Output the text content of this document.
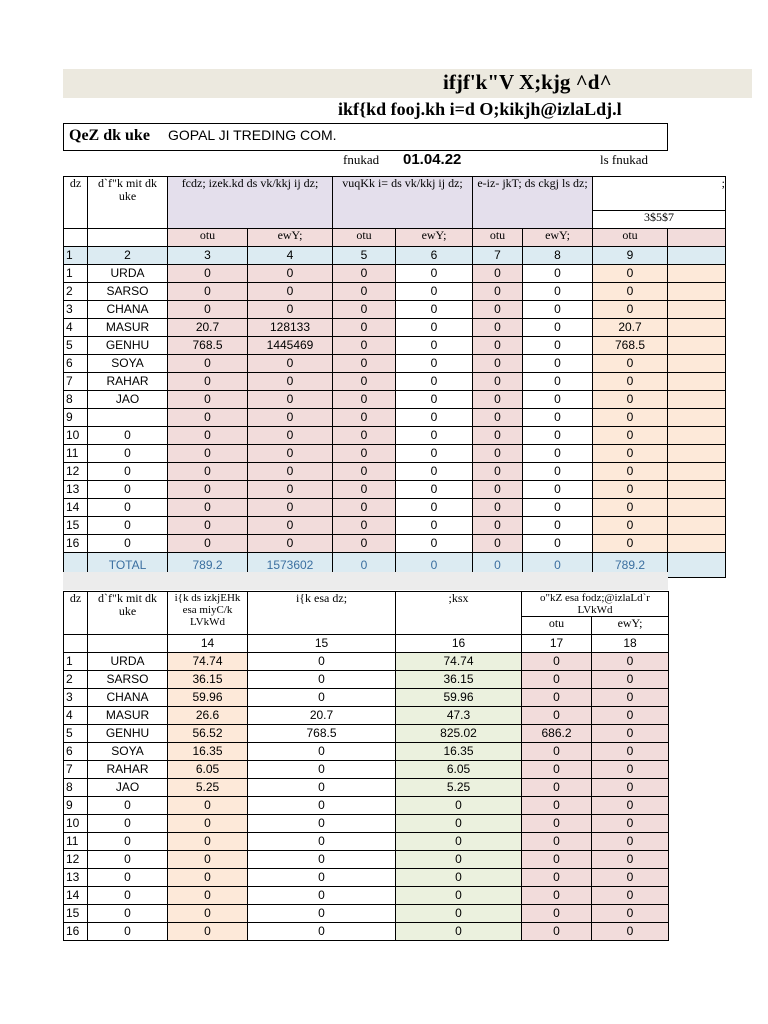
ifjf'k"V X;kjg ^d^
ikf{kd fooj.kh i=d O;kikjh@izlaLdj.l
QeZ dk uke GOPAL JI TREDING COM.
fnukad 01.04.22	ls fnukad
dz	d`f"k mit dk uke	fcdz; izek.kd ds vk/kkj ij dz;		vuqKk i= ds vk/kkj ij dz;		e-iz- jkT; ds ckgj ls dz;		;	
								3$5$7	
		otu	ewY;	otu	ewY;	otu	ewY;	otu	
1	2	3	4	5	6	7	8	9	
1	URDA	0	0	0	0	0	0	0	
2	SARSO	0	0	0	0	0	0	0	
3	CHANA	0	0	0	0	0	0	0	
4	MASUR	20.7	128133	0	0	0	0	20.7	
5	GENHU	768.5	1445469	0	0	0	0	768.5	
6	SOYA	0	0	0	0	0	0	0	
7	RAHAR	0	0	0	0	0	0	0	
8	JAO	0	0	0	0	0	0	0	
9		0	0	0	0	0	0	0	
10	0	0	0	0	0	0	0	0	
11	0	0	0	0	0	0	0	0	
12	0	0	0	0	0	0	0	0	
13	0	0	0	0	0	0	0	0	
14	0	0	0	0	0	0	0	0	
15	0	0	0	0	0	0	0	0	
16	0	0	0	0	0	0	0	0	
	TOTAL	789.2	1573602	0	0	0	0	789.2	
dz	d`f"k mit dk uke	i{k ds izkjEHk esa miyC/k LVkWd	i{k esa dz;	;ksx	o"kZ esa fodz;@izlaLd`r LVkWd	
					otu	ewY;
		14	15	16	17	18
1	URDA	74.74	0	74.74	0	0
2	SARSO	36.15	0	36.15	0	0
3	CHANA	59.96	0	59.96	0	0
4	MASUR	26.6	20.7	47.3	0	0
5	GENHU	56.52	768.5	825.02	686.2	0
6	SOYA	16.35	0	16.35	0	0
7	RAHAR	6.05	0	6.05	0	0
8	JAO	5.25	0	5.25	0	0
9	0	0	0	0	0	0
10	0	0	0	0	0	0
11	0	0	0	0	0	0
12	0	0	0	0	0	0
13	0	0	0	0	0	0
14	0	0	0	0	0	0
15	0	0	0	0	0	0
16	0	0	0	0	0	0
